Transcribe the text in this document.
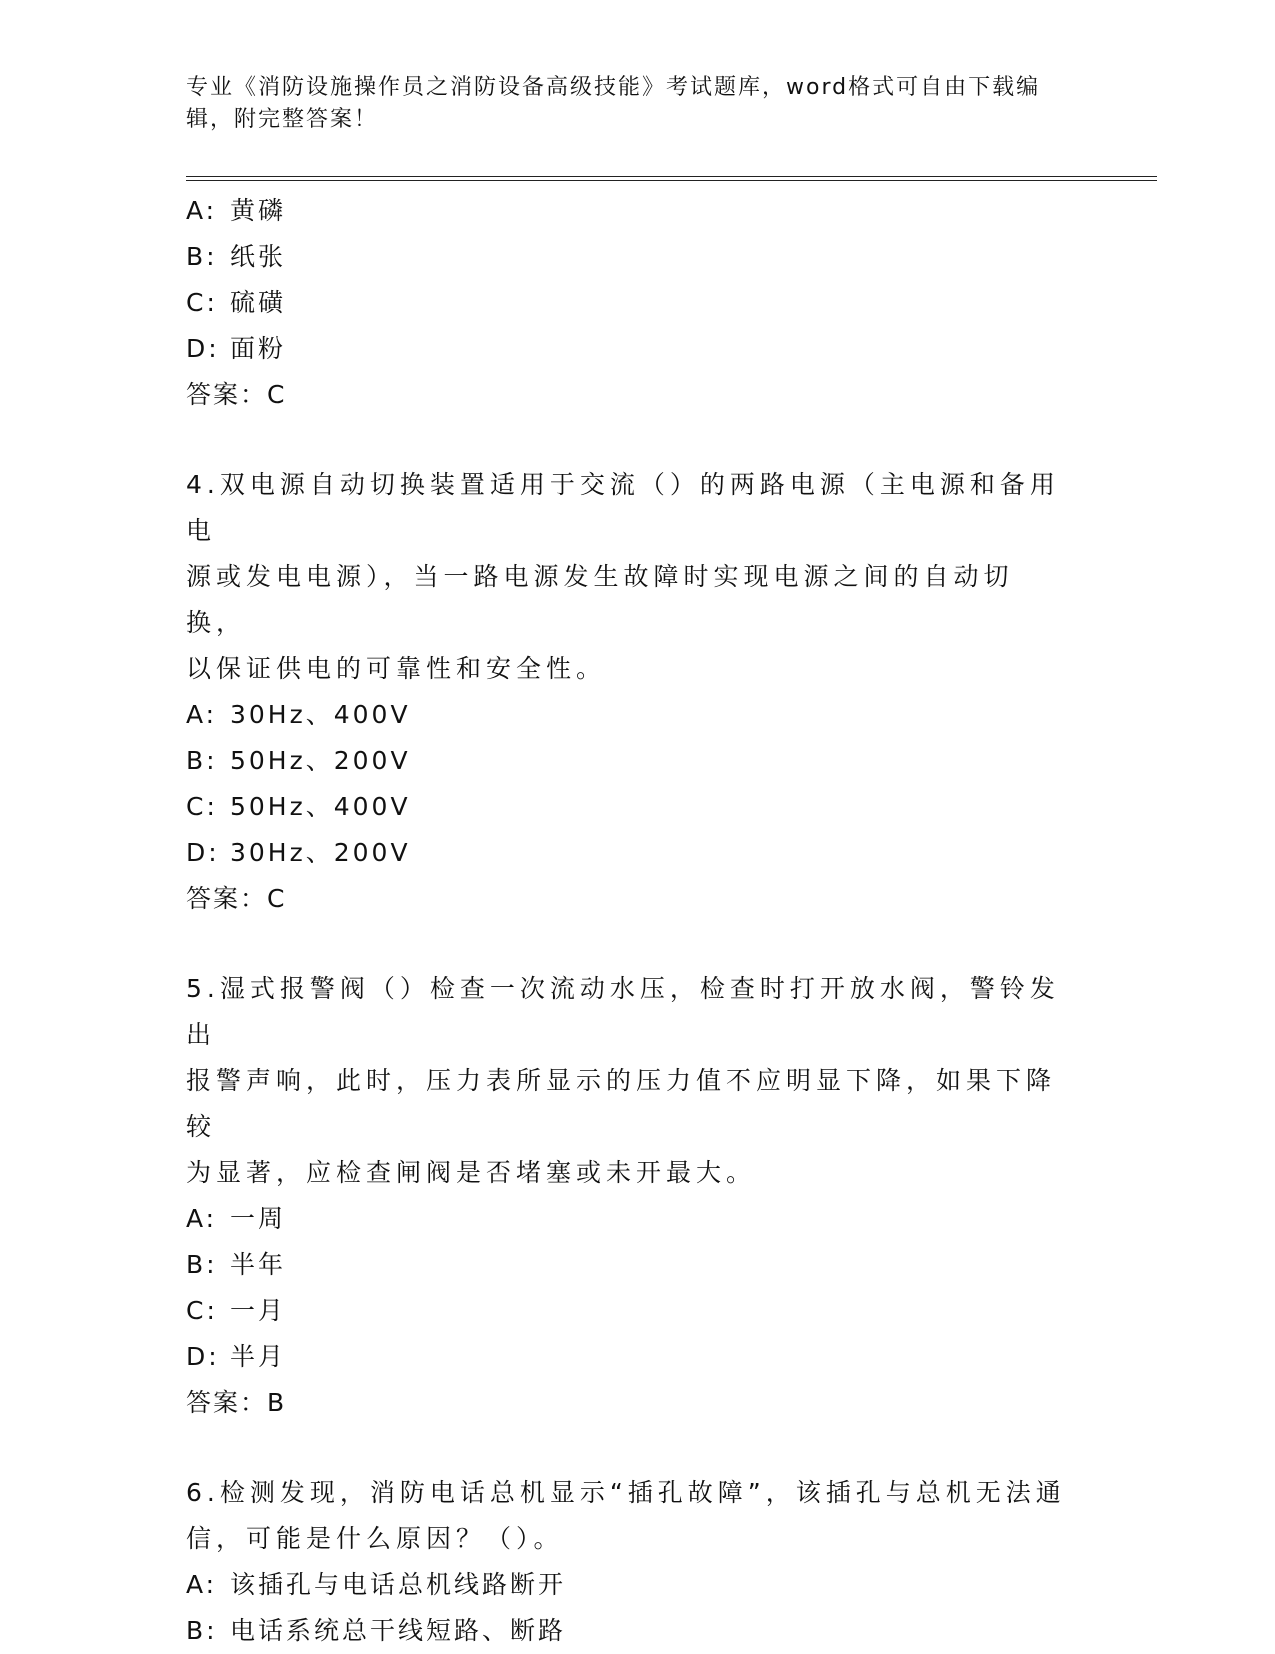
专业《消防设施操作员之消防设备高级技能》考试题库，word格式可自由下载编
辑，附完整答案！
A: 黄磷
B: 纸张
C: 硫磺
D: 面粉
答案：C
4.双电源自动切换装置适用于交流（）的两路电源（主电源和备用电
源或发电电源），当一路电源发生故障时实现电源之间的自动切换，
以保证供电的可靠性和安全性。
A: 30Hz、400V
B: 50Hz、200V
C: 50Hz、400V
D: 30Hz、200V
答案：C
5.湿式报警阀（）检查一次流动水压，检查时打开放水阀，警铃发出
报警声响，此时，压力表所显示的压力值不应明显下降，如果下降较
为显著，应检查闸阀是否堵塞或未开最大。
A: 一周
B: 半年
C: 一月
D: 半月
答案：B
6.检测发现，消防电话总机显示“插孔故障”，该插孔与总机无法通
信，可能是什么原因？（）。
A: 该插孔与电话总机线路断开
B: 电话系统总干线短路、断路
